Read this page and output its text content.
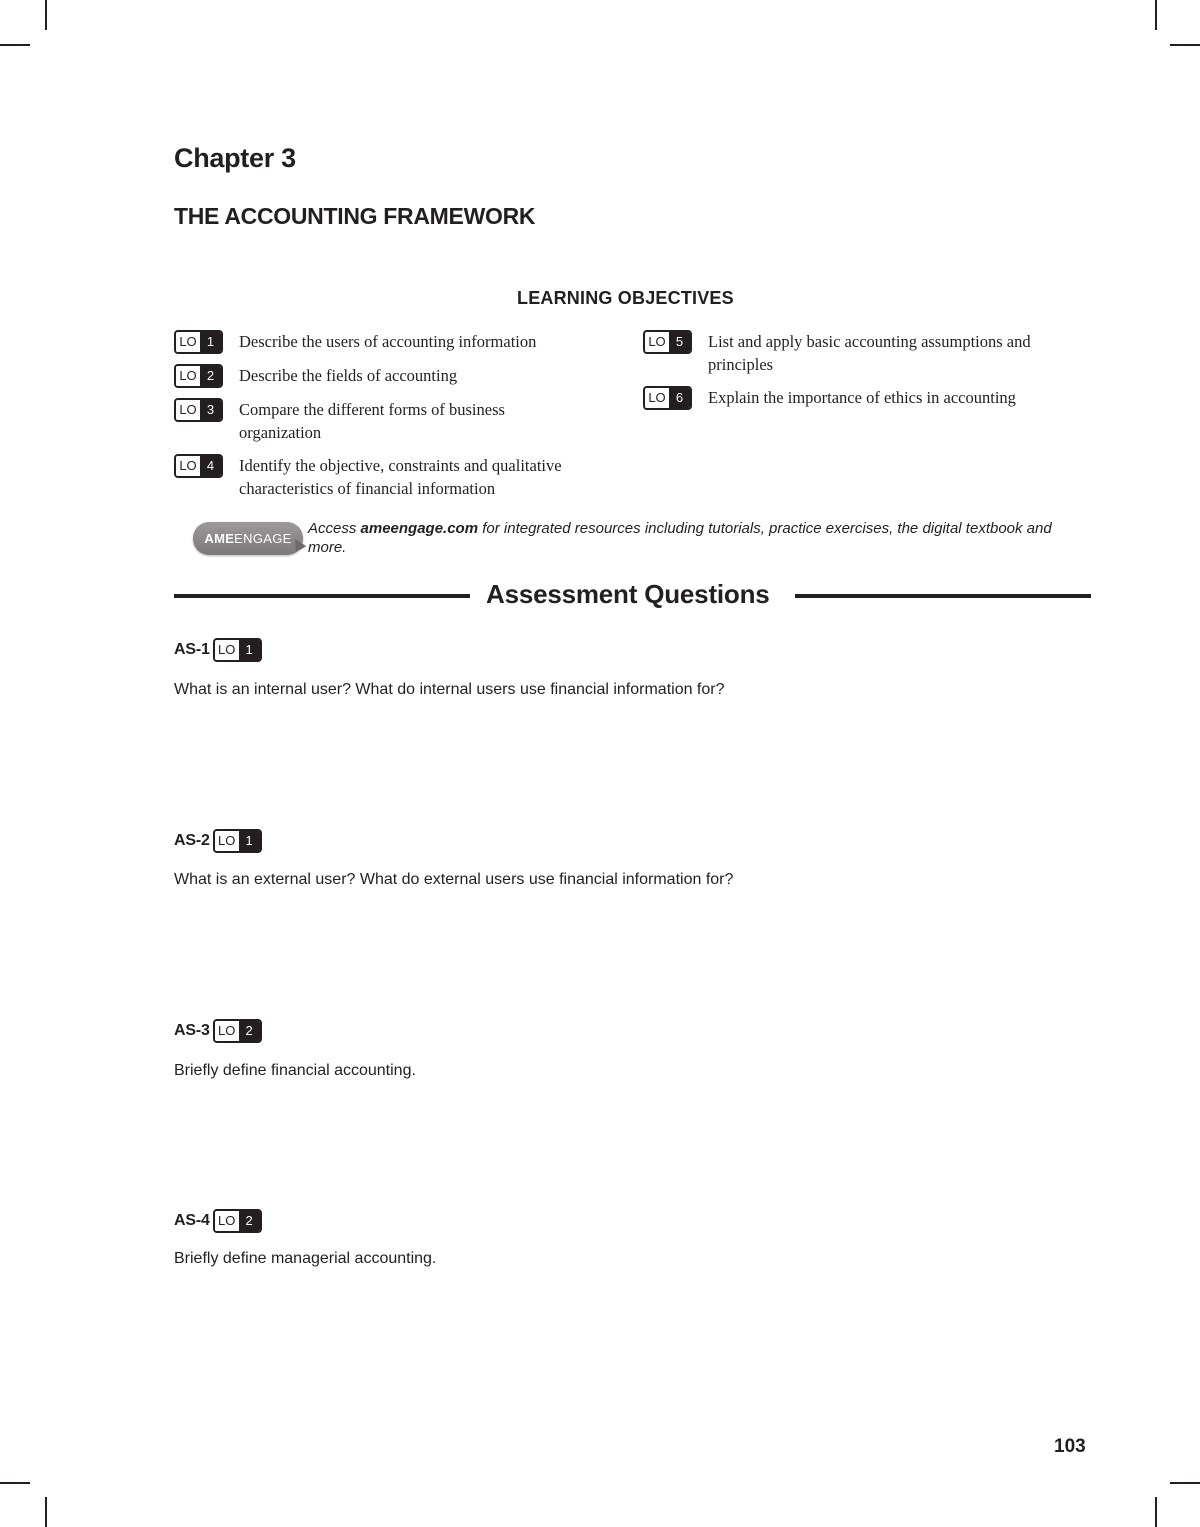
Chapter 3
THE ACCOUNTING FRAMEWORK
LEARNING OBJECTIVES
LO 1	Describe the users of accounting information
LO 2	Describe the fields of accounting
LO 3	Compare the different forms of business organization
LO 4	Identify the objective, constraints and qualitative characteristics of financial information
LO 5	List and apply basic accounting assumptions and principles
LO 6	Explain the importance of ethics in accounting
AME ENGAGE
Access ameengage.com for integrated resources including tutorials, practice exercises, the digital textbook and more.
Assessment Questions
AS-1 LO 1
What is an internal user? What do internal users use financial information for?
AS-2 LO 1
What is an external user? What do external users use financial information for?
AS-3 LO 2
Briefly define financial accounting.
AS-4 LO 2
Briefly define managerial accounting.
103
